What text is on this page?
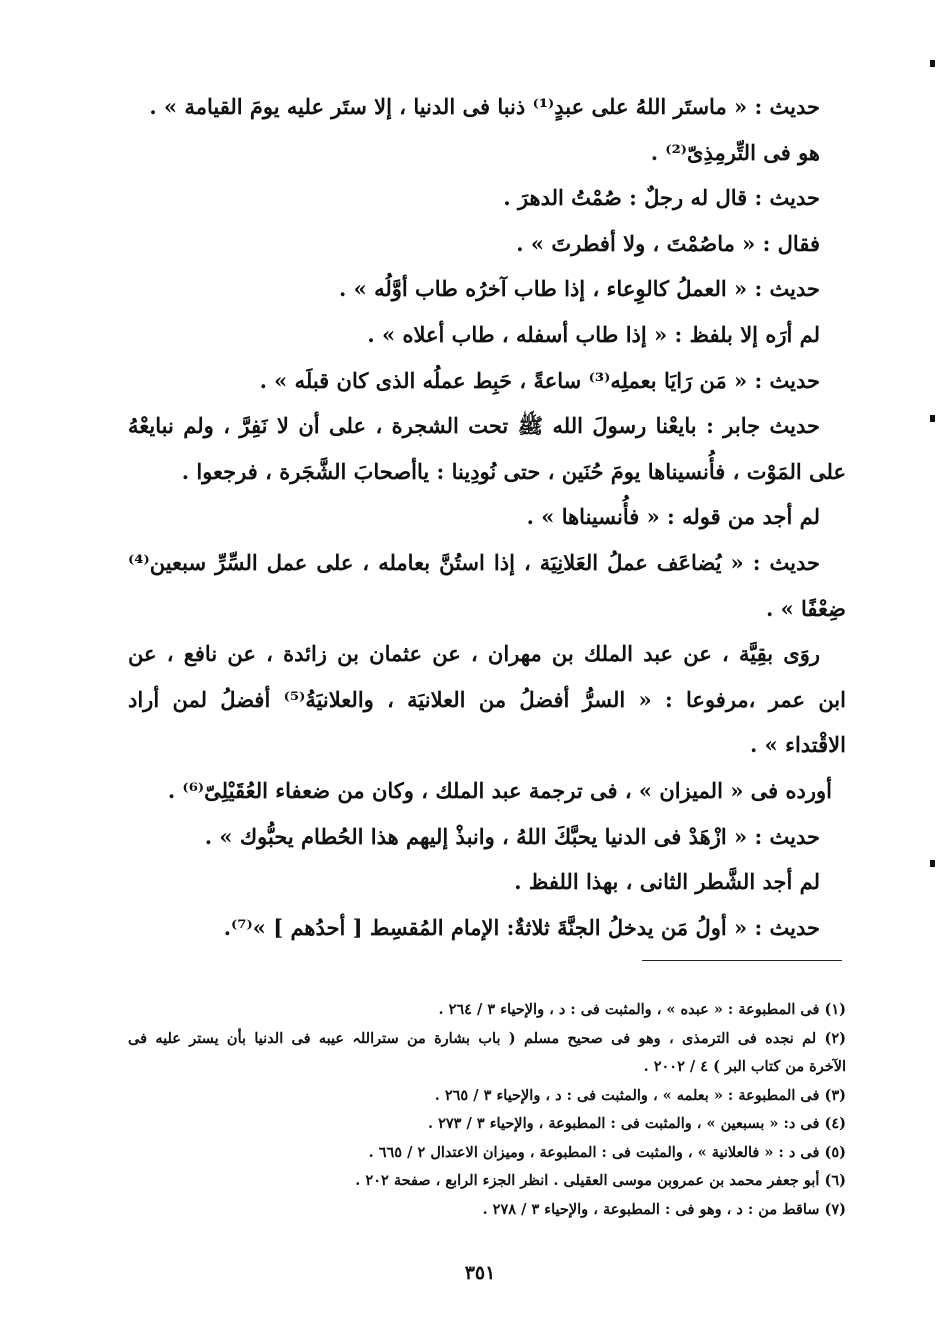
حديث : « ماستَر اللهُ على عبدٍ⁽¹⁾ ذنبا فى الدنيا ، إلا ستَر عليه يومَ القيامة » .
هو فى التِّرمِذِىّ⁽²⁾ .
حديث : قال له رجلٌ : صُمْتُ الدهرَ .
فقال : « ماصُمْتَ ، ولا أفطرتَ » .
حديث : « العملُ كالوِعاء ، إذا طاب آخرُه طاب أوَّلُه » .
لم أرَه إلا بلفظ : « إذا طاب أسفله ، طاب أعلاه » .
حديث : « مَن رَايَا بعملِه⁽³⁾ ساعةً ، حَبِط عملُه الذى كان قبلَه » .
حديث جابر : بايعْنا رسولَ الله ﷺ تحت الشجرة ، على أن لا نَفِرَّ ، ولم نبايعْهُ
على المَوْت ، فأُنسيناها يومَ حُنَين ، حتى نُودِينا : ياأصحابَ الشَّجَرة ، فرجعوا .
لم أجد من قوله : « فأُنسيناها » .
حديث : « يُضاعَف عملُ العَلانِيَة ، إذا استُنَّ بعامله ، على عمل السِّرِّ سبعين⁽⁴⁾
ضِعْفًا » .
روَى بقِيَّة ، عن عبد الملك بن مهران ، عن عثمان بن زائدة ، عن نافع ، عن
ابن عمر ،مرفوعا : « السرُّ أفضلُ من العلانيَة ، والعلانيَةُ⁽⁵⁾ أفضلُ لمن أراد
الاقْتداء » .
أورده فى « الميزان » ، فى ترجمة عبد الملك ، وكان من ضعفاء العُقَيْلِىّ⁽⁶⁾ .
حديث : « ازْهَدْ فى الدنيا يحبَّكَ اللهُ ، وانبذْ إليهم هذا الحُطام يحبُّوك » .
لم أجد الشَّطر الثانى ، بهذا اللفظ .
حديث : « أولُ مَن يدخلُ الجنَّةَ ثلاثةٌ: الإمام المُقسِط [ أحدُهم ] »⁽⁷⁾.
(١) فى المطبوعة : « عبده » ، والمثبت فى : د ، والإحياء ٣ / ٢٦٤ .
(٢) لم نجده فى الترمذى ، وهو فى صحيح مسلم ( باب بشارة من ستراللہ عيبه فى الدنيا بأن يستر عليه فى
الآخرة من كتاب البر ) ٤ / ٢٠٠٢ .
(٣) فى المطبوعة : « بعلمه » ، والمثبت فى : د ، والإحياء ٣ / ٢٦٥ .
(٤) فى د: « بسبعين » ، والمثبت فى : المطبوعة ، والإحياء ٣ / ٢٧٣ .
(٥) فى د : « فالعلانية » ، والمثبت فى : المطبوعة ، وميزان الاعتدال ٢ / ٦٦٥ .
(٦) أبو جعفر محمد بن عمروبن موسى العقيلى . انظر الجزء الرابع ، صفحة ٢٠٢ .
(٧) ساقط من : د ، وهو فى : المطبوعة ، والإحياء ٣ / ٢٧٨ .
٣٥١
